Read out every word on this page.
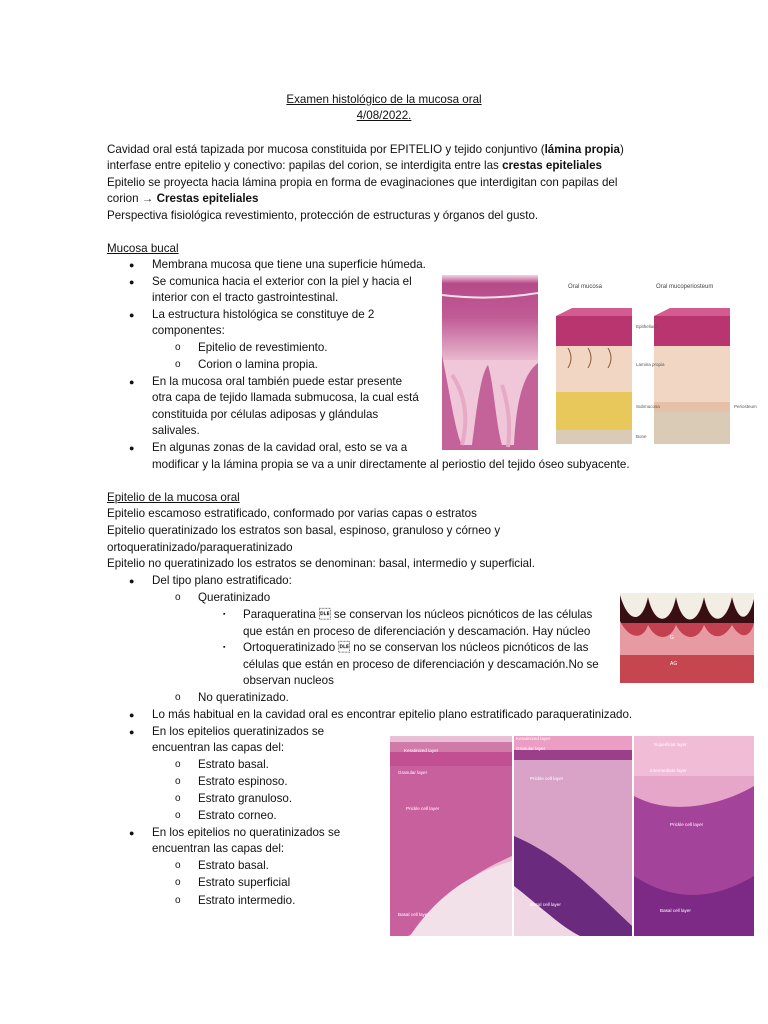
Examen histológico de la mucosa oral
4/08/2022.
Cavidad oral está tapizada por mucosa constituida por EPITELIO y tejido conjuntivo (lámina propia)
interfase entre epitelio y conectivo: papilas del corion, se interdigita entre las crestas epiteliales
Epitelio se proyecta hacia lámina propia en forma de evaginaciones que interdigitan con papilas del
corion → Crestas epiteliales
Perspectiva fisiológica revestimiento, protección de estructuras y órganos del gusto.
Mucosa bucal
● Membrana mucosa que tiene una superficie húmeda.
● Se comunica hacia el exterior con la piel y hacia el
interior con el tracto gastrointestinal.
● La estructura histológica se constituye de 2
componentes:
o Epitelio de revestimiento.
o Corion o lamina propia.
● En la mucosa oral también puede estar presente
otra capa de tejido llamada submucosa, la cual está
constituida por células adiposas y glándulas
salivales.
● En algunas zonas de la cavidad oral, esto se va a
modificar y la lámina propia se va a unir directamente al periostio del tejido óseo subyacente.
Oral mucosa	Oral mucoperiosteum
Epithelium
Lamina propia
Submucosa
Bone
Periosteum
Epitelio de la mucosa oral
Epitelio escamoso estratificado, conformado por varias capas o estratos
Epitelio queratinizado los estratos son basal, espinoso, granuloso y córneo y
ortoqueratinizado/paraqueratinizado
Epitelio no queratinizado los estratos se denominan: basal, intermedio y superficial.
● Del tipo plano estratificado:
o Queratinizado
▪ Paraqueratina  se conservan los núcleos picnóticos de las células
que están en proceso de diferenciación y descamación. Hay núcleo
▪ Ortoqueratinizado  no se conservan los núcleos picnóticos de las
células que están en proceso de diferenciación y descamación.No se
observan nucleos
o No queratinizado.
● Lo más habitual en la cavidad oral es encontrar epitelio plano estratificado paraqueratinizado.
● En los epitelios queratinizados se
encuentran las capas del:
o Estrato basal.
o Estrato espinoso.
o Estrato granuloso.
o Estrato corneo.
● En los epitelios no queratinizados se
encuentran las capas del:
o Estrato basal.
o Estrato superficial
o Estrato intermedio.
G
AG
Keratinized layer
Granular layer
Prickle cell layer
Basal cell layer
Keratinized layer
Granular layer
Prickle cell layer
Basal cell layer
Superficial layer
Intermediate layer
Prickle cell layer
Basal cell layer
